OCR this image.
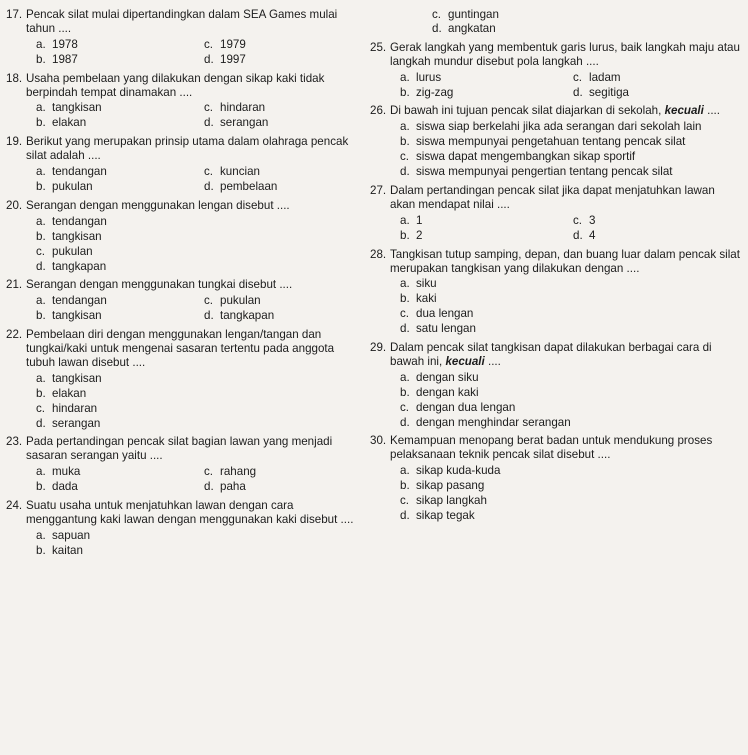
17. Pencak silat mulai dipertandingkan dalam SEA Games mulai tahun ....
a. 1978	c. 1979
b. 1987	d. 1997
18. Usaha pembelaan yang dilakukan dengan sikap kaki tidak berpindah tempat dinamakan ....
a. tangkisan	c. hindaran
b. elakan	d. serangan
19. Berikut yang merupakan prinsip utama dalam olahraga pencak silat adalah ....
a. tendangan	c. kuncian
b. pukulan	d. pembelaan
20. Serangan dengan menggunakan lengan disebut ....
a. tendangan
b. tangkisan
c. pukulan
d. tangkapan
21. Serangan dengan menggunakan tungkai disebut ....
a. tendangan	c. pukulan
b. tangkisan	d. tangkapan
22. Pembelaan diri dengan menggunakan lengan/tangan dan tungkai/kaki untuk mengenai sasaran tertentu pada anggota tubuh lawan disebut ....
a. tangkisan
b. elakan
c. hindaran
d. serangan
23. Pada pertandingan pencak silat bagian lawan yang menjadi sasaran serangan yaitu ....
a. muka	c. rahang
b. dada	d. paha
24. Suatu usaha untuk menjatuhkan lawan dengan cara menggantung kaki lawan dengan menggunakan kaki disebut ....
a. sapuan
b. kaitan
c. guntingan
d. angkatan
25. Gerak langkah yang membentuk garis lurus, baik langkah maju atau langkah mundur disebut pola langkah ....
a. lurus	c. ladam
b. zig-zag	d. segitiga
26. Di bawah ini tujuan pencak silat diajarkan di sekolah, kecuali ....
a. siswa siap berkelahi jika ada serangan dari sekolah lain
b. siswa mempunyai pengetahuan tentang pencak silat
c. siswa dapat mengembangkan sikap sportif
d. siswa mempunyai pengertian tentang pencak silat
27. Dalam pertandingan pencak silat jika dapat menjatuhkan lawan akan mendapat nilai ....
a. 1	c. 3
b. 2	d. 4
28. Tangkisan tutup samping, depan, dan buang luar dalam pencak silat merupakan tangkisan yang dilakukan dengan ....
a. siku
b. kaki
c. dua lengan
d. satu lengan
29. Dalam pencak silat tangkisan dapat dilakukan berbagai cara di bawah ini, kecuali ....
a. dengan siku
b. dengan kaki
c. dengan dua lengan
d. dengan menghindar serangan
30. Kemampuan menopang berat badan untuk mendukung proses pelaksanaan teknik pencak silat disebut ....
a. sikap kuda-kuda
b. sikap pasang
c. sikap langkah
d. sikap tegak
